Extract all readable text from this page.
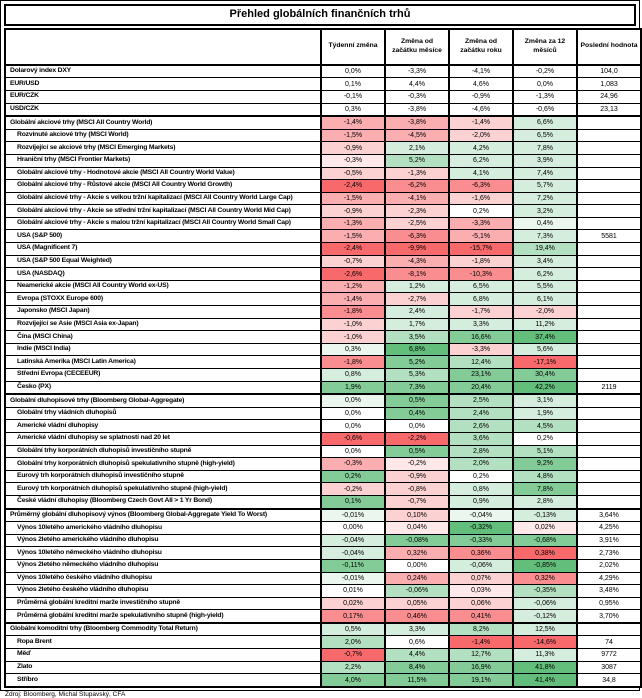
Přehled globálních finančních trhů
	Týdenní změna	Změna od začátku měsíce	Změna od začátku roku	Změna za 12 měsíců	Poslední hodnota
Dolarový index DXY	0,0%	-3,3%	-4,1%	-0,2%	104,0
EUR/USD	0,1%	4,4%	4,6%	0,0%	1,083
EUR/CZK	-0,1%	-0,3%	-0,9%	-1,3%	24,96
USD/CZK	0,3%	-3,8%	-4,6%	-0,6%	23,13
Globální akciové trhy (MSCI All Country World)	-1,4%	-3,8%	-1,4%	6,6%	
Rozvinuté akciové trhy (MSCI World)	-1,5%	-4,5%	-2,0%	6,5%	
Rozvíjející se akciové trhy (MSCI Emerging Markets)	-0,9%	2,1%	4,2%	7,8%	
Hraniční trhy (MSCI Frontier Markets)	-0,3%	5,2%	6,2%	3,9%	
Globální akciové trhy - Hodnotové akcie (MSCI All Country World Value)	-0,5%	-1,3%	4,1%	7,4%	
Globální akciové trhy - Růstové akcie (MSCI All Country World Growth)	-2,4%	-6,2%	-6,3%	5,7%	
Globální akciové trhy - Akcie s velkou tržní kapitalizací (MSCI All Country World Large Cap)	-1,5%	-4,1%	-1,6%	7,2%	
Globální akciové trhy - Akcie se střední tržní kapitalizací (MSCI All Country World Mid Cap)	-0,9%	-2,3%	0,2%	3,2%	
Globální akciové trhy - Akcie s malou tržní kapitalizací (MSCI All Country World Small Cap)	-1,3%	-2,5%	-3,3%	0,4%	
USA (S&P 500)	-1,5%	-6,3%	-5,1%	7,3%	5581
USA (Magnificent 7)	-2,4%	-9,9%	-15,7%	19,4%	
USA (S&P 500 Equal Weighted)	-0,7%	-4,3%	-1,8%	3,4%	
USA (NASDAQ)	-2,6%	-8,1%	-10,3%	6,2%	
Neamerické akcie (MSCI All Country World ex-US)	-1,2%	1,2%	6,5%	5,5%	
Evropa (STOXX Europe 600)	-1,4%	-2,7%	6,8%	6,1%	
Japonsko (MSCI Japan)	-1,8%	2,4%	-1,7%	-2,0%	
Rozvíjející se Asie (MSCI Asia ex-Japan)	-1,0%	1,7%	3,3%	11,2%	
Čína (MSCI China)	-1,0%	3,5%	16,6%	37,4%	
Indie (MSCI India)	0,3%	6,8%	-3,3%	5,6%	
Latinská Amerika (MSCI Latin America)	-1,8%	5,2%	12,4%	-17,1%	
Střední Evropa (CECEEUR)	0,8%	5,3%	23,1%	30,4%	
Česko (PX)	1,9%	7,3%	20,4%	42,2%	2119
Globální dluhopisové trhy (Bloomberg Global-Aggregate)	0,0%	0,5%	2,5%	3,1%	
Globální trhy vládních dluhopisů	0,0%	0,4%	2,4%	1,9%	
Americké vládní dluhopisy	0,0%	0,0%	2,6%	4,5%	
Americké vládní dluhopisy se splatností nad 20 let	-0,6%	-2,2%	3,6%	0,2%	
Globální trhy korporátních dluhopisů investičního stupně	0,0%	0,5%	2,8%	5,1%	
Globální trhy korporátních dluhopisů spekulativního stupně (high-yield)	-0,3%	-0,2%	2,0%	9,2%	
Eurový trh korporátních dluhopisů investičního stupně	0,2%	-0,9%	0,2%	4,8%	
Eurový trh korporátních dluhopisů spekulativního stupně (high-yield)	-0,2%	-0,8%	0,8%	7,8%	
České vládní dluhopisy (Bloomberg Czech Govt All > 1 Yr Bond)	0,1%	-0,7%	0,9%	2,8%	
Průměrný globální dluhopisový výnos (Bloomberg Global-Aggregate Yield To Worst)	-0,01%	0,10%	-0,04%	-0,13%	3,64%
Výnos 10letého amerického vládního dluhopisu	0,00%	0,04%	-0,32%	0,02%	4,25%
Výnos 2letého amerického vládního dluhopisu	-0,04%	-0,08%	-0,33%	-0,68%	3,91%
Výnos 10letého německého vládního dluhopisu	-0,04%	0,32%	0,36%	0,38%	2,73%
Výnos 2letého německého vládního dluhopisu	-0,11%	0,00%	-0,06%	-0,85%	2,02%
Výnos 10letého českého vládního dluhopisu	-0,01%	0,24%	0,07%	0,32%	4,29%
Výnos 2letého českého vládního dluhopisu	0,01%	-0,06%	0,03%	-0,35%	3,48%
Průměrná globální kreditní marže investičního stupně	0,02%	0,05%	0,06%	-0,06%	0,95%
Průměrná globální kreditní marže spekulativního stupně (high-yield)	0,17%	0,46%	0,41%	-0,12%	3,70%
Globální komoditní trhy (Bloomberg Commodity Total Return)	0,5%	3,3%	8,2%	12,5%	
Ropa Brent	2,0%	0,6%	-1,4%	-14,6%	74
Měď	-0,7%	4,4%	12,7%	11,3%	9772
Zlato	2,2%	8,4%	16,9%	41,8%	3087
Stříbro	4,0%	11,5%	19,1%	41,4%	34,8
Zdroj: Bloomberg, Michal Stupavský, CFA
